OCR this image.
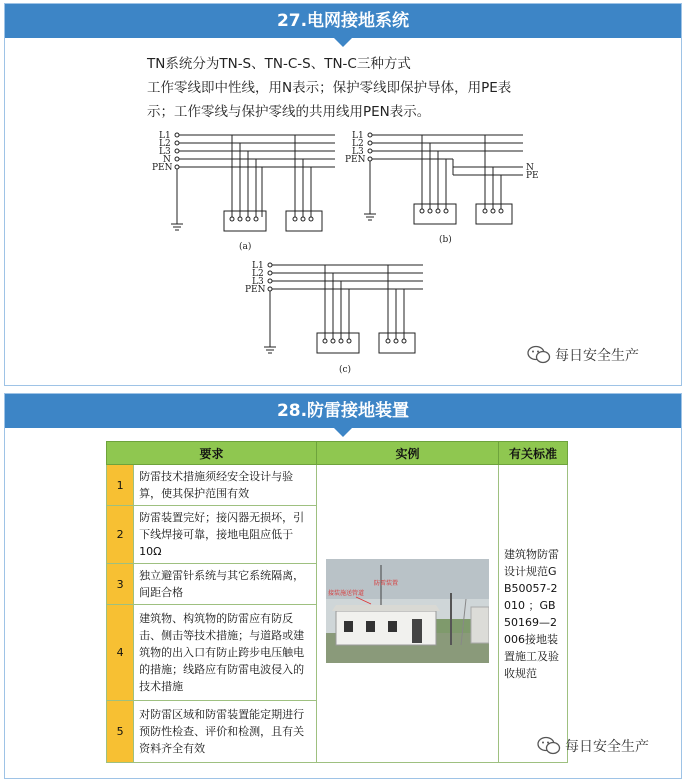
27.电网接地系统
TN系统分为TN-S、TN-C-S、TN-C三种方式
工作零线即中性线，用N表示；保护零线即保护导体，用PE表
示；工作零线与保护零线的共用线用PEN表示。
L1
L2
L3
N
PEN
(a)
L1
L2
L3
PEN
N
PE
(b)
L1
L2
L3
PEN
(c)
每日安全生产
28.防雷接地装置
要求		实例	有关标准
1	防雷技术措施须经安全设计与验算，使其保护范围有效	接装施送管道
防雷装置	建筑物防雷设计规范GB50057-2010 ；GB50169—2006接地装置施工及验收规范

2	防雷装置完好；接闪器无损坏，引下线焊接可靠，接地电阻应低于10Ω		
3	独立避雷针系统与其它系统隔离，间距合格		
4	建筑物、构筑物的防雷应有防反击、侧击等技术措施；与道路或建筑物的出入口有防止跨步电压触电的措施；线路应有防雷电波侵入的技术措施		
5	对防雷区域和防雷装置能定期进行预防性检查、评价和检测，且有关资料齐全有效			每日安全生产
